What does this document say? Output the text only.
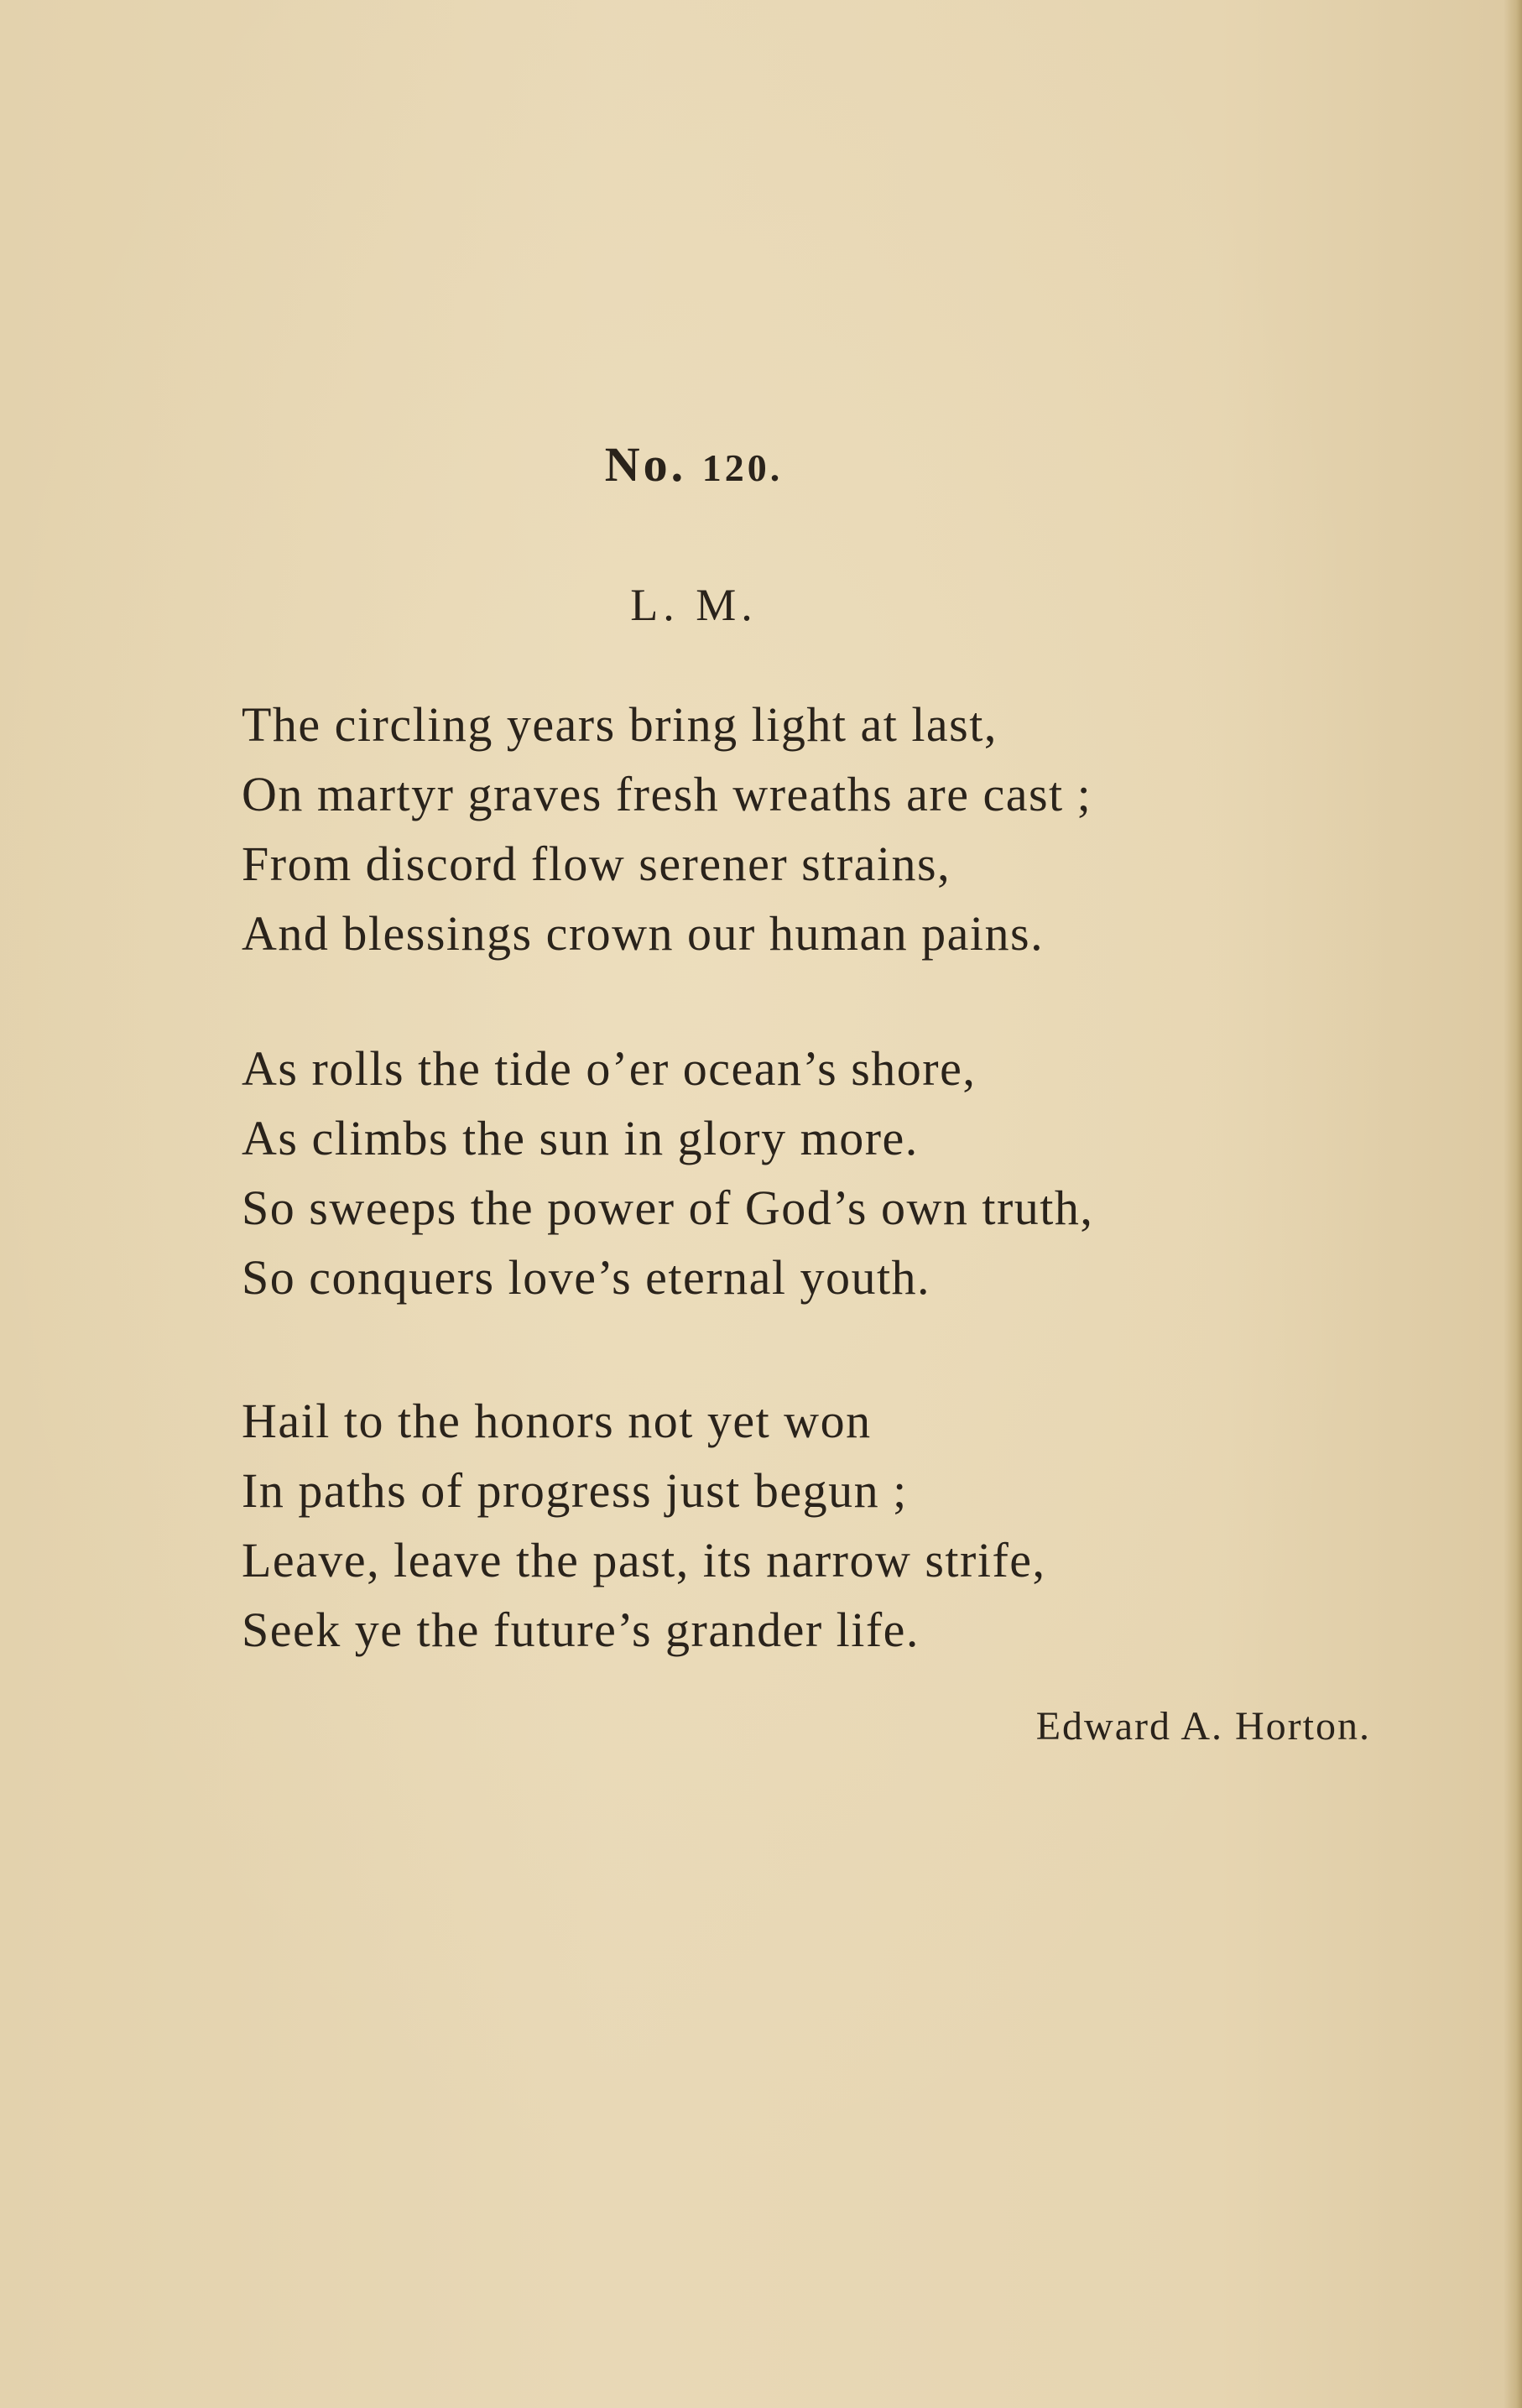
No. 120.
L. M.
The circling years bring light at last,
On martyr graves fresh wreaths are cast ;
From discord flow serener strains,
And blessings crown our human pains.
As rolls the tide o’er ocean’s shore,
As climbs the sun in glory more.
So sweeps the power of God’s own truth,
So conquers love’s eternal youth.
Hail to the honors not yet won
In paths of progress just begun ;
Leave, leave the past, its narrow strife,
Seek ye the future’s grander life.
Edward A. Horton.
